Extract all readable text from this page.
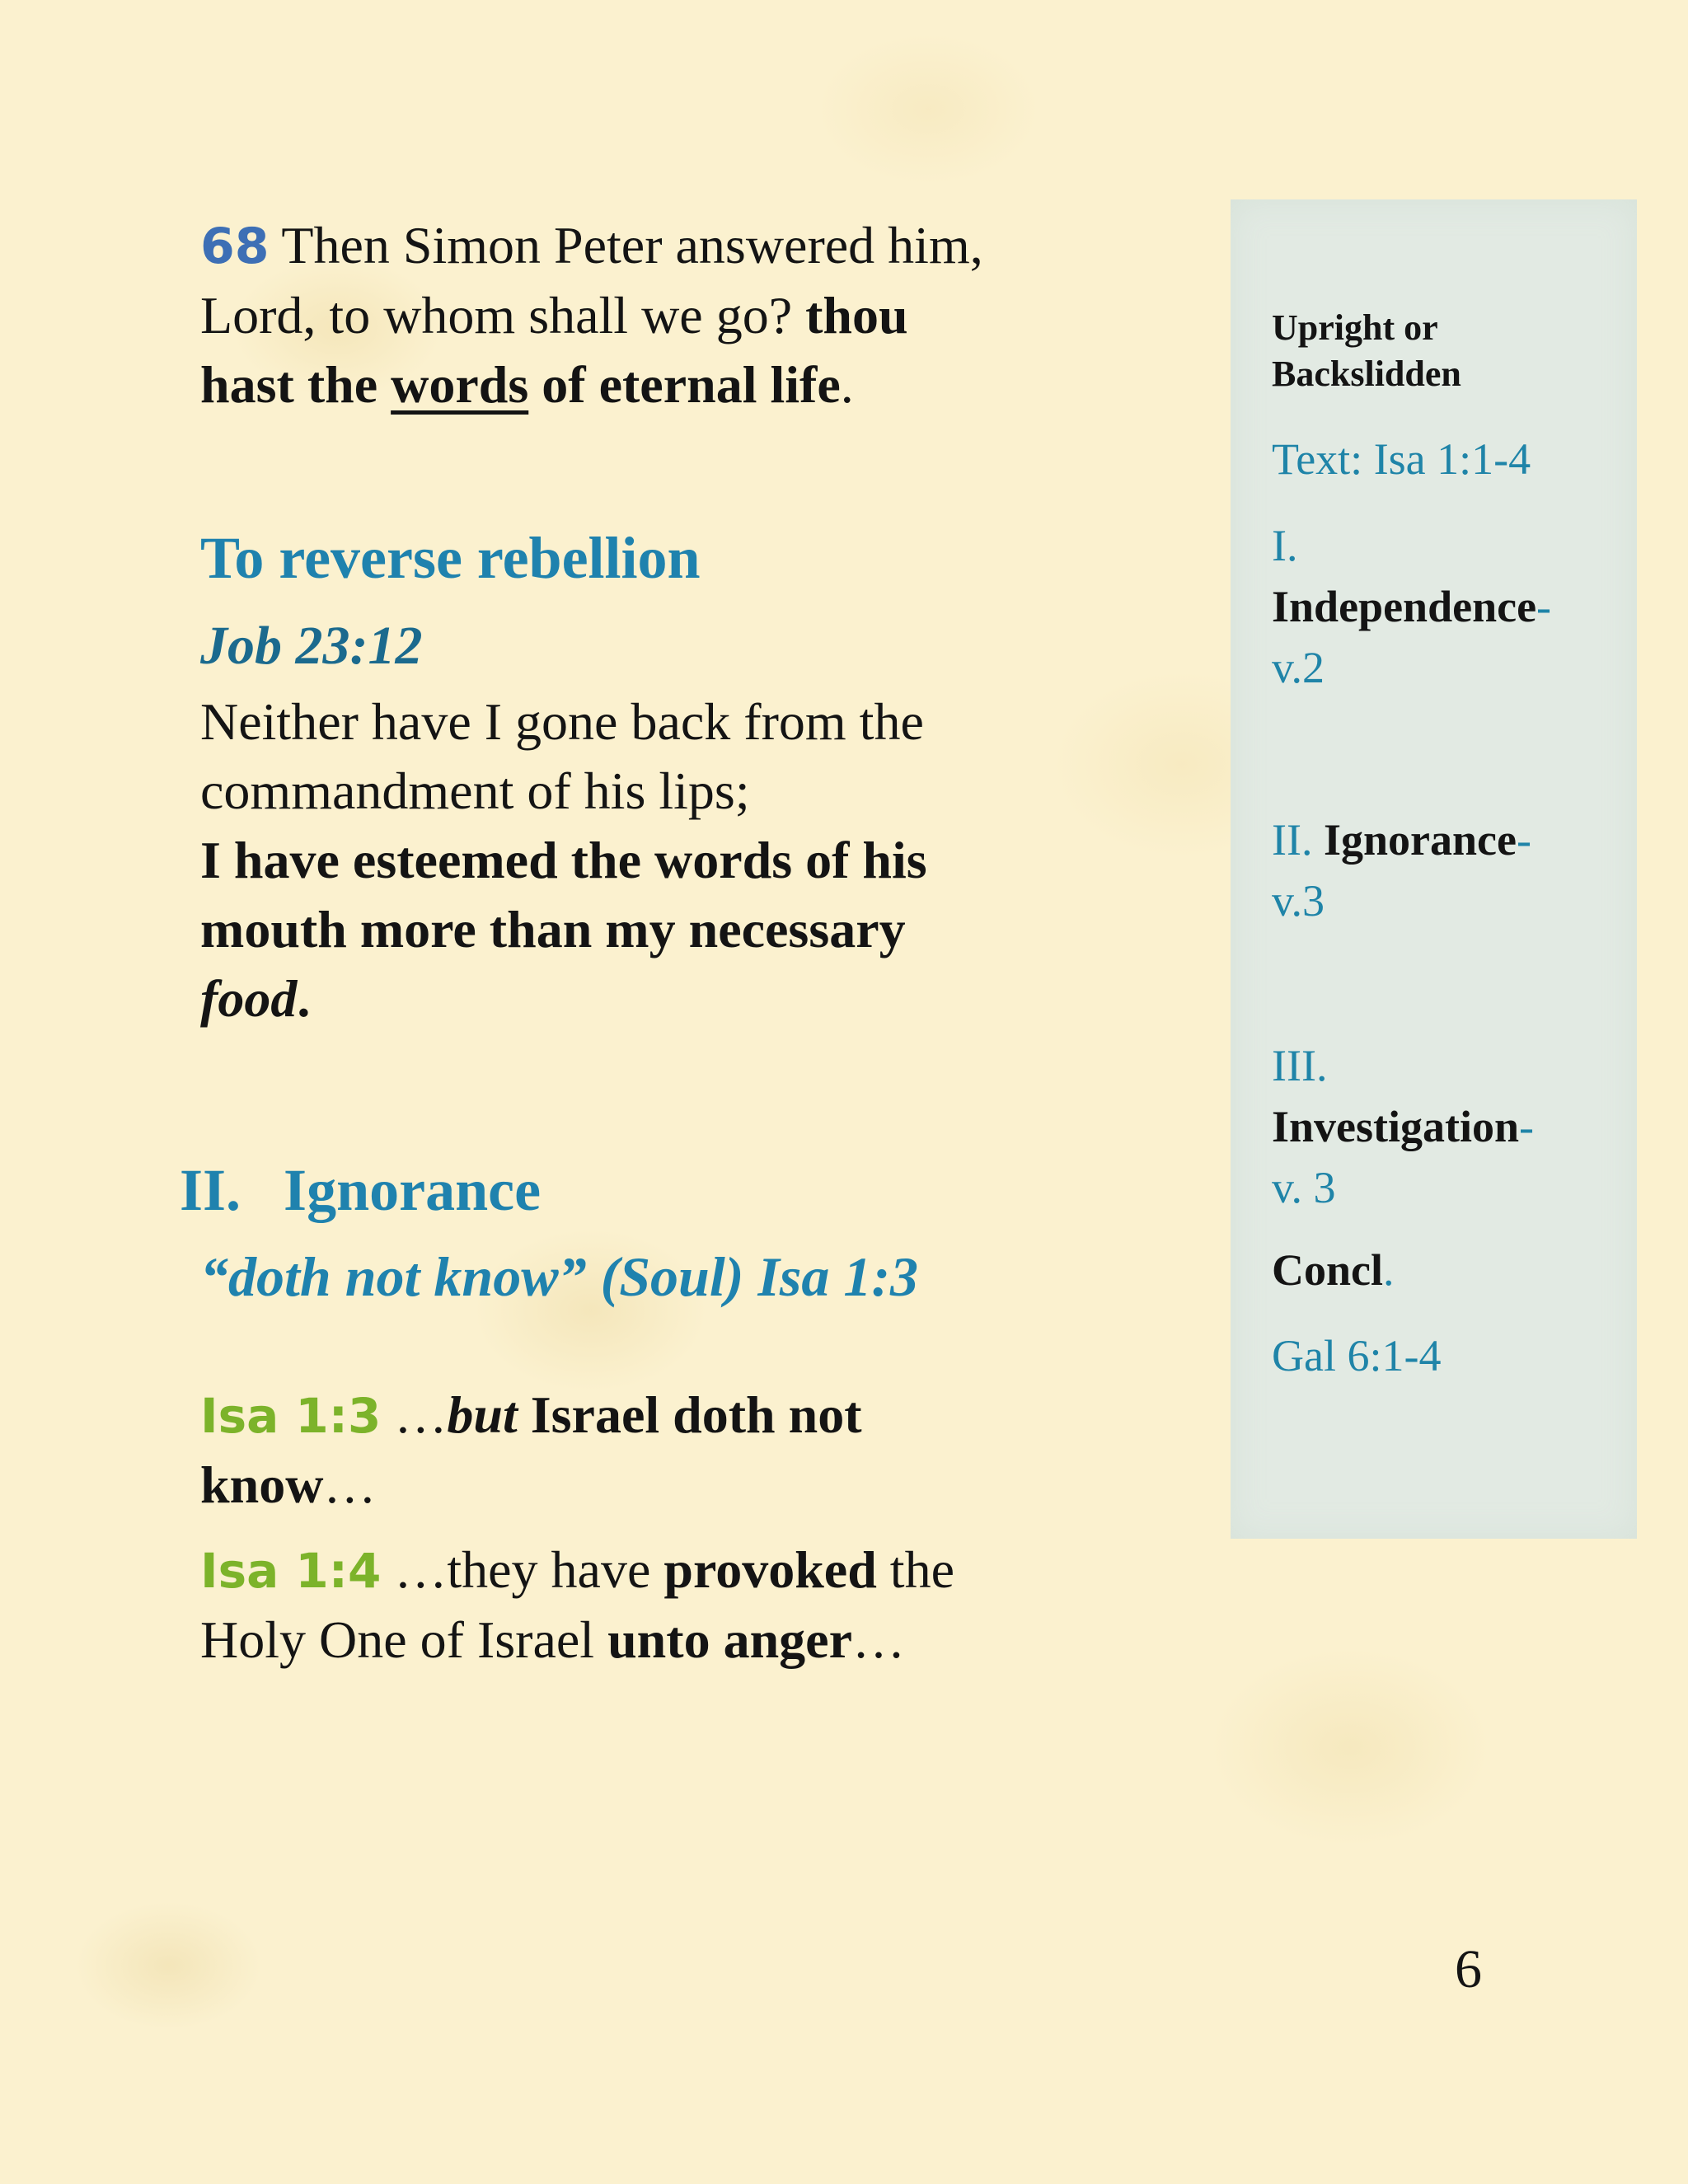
68 Then Simon Peter answered him,
Lord, to whom shall we go? thou
hast the words of eternal life.

To reverse rebellion
Job 23:12

Neither have I gone back from the
commandment of his lips;
I have esteemed the words of his
mouth more than my necessary
food.

II. Ignorance
“doth not know” (Soul) Isa 1:3

Isa 1:3 …but Israel doth not
know…

Isa 1:4 …they have provoked the
Holy One of Israel unto anger…

Upright or
Backslidden
Text: Isa 1:1-4
I.
Independence-
v.2
II. Ignorance-
v.3
III.
Investigation-
v. 3
Concl.
Gal 6:1-4
6
